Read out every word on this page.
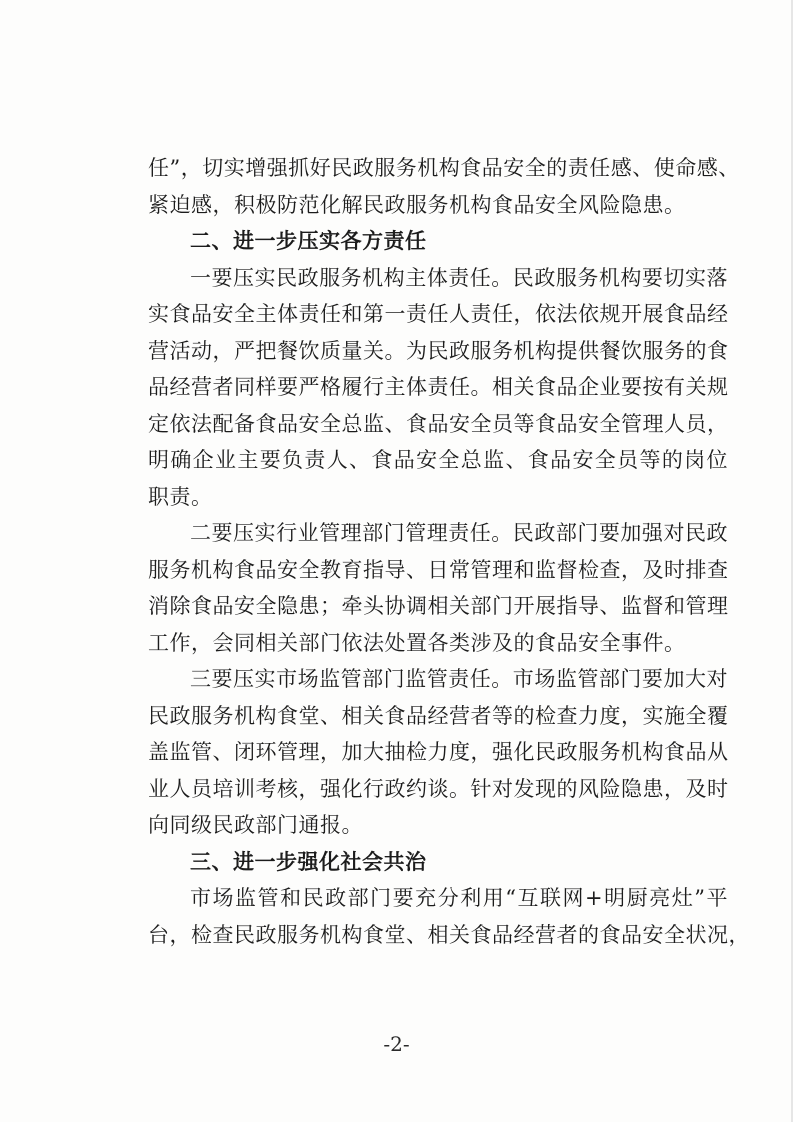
任”，切实增强抓好民政服务机构食品安全的责任感、使命感、
紧迫感，积极防范化解民政服务机构食品安全风险隐患。
二、进一步压实各方责任
一要压实民政服务机构主体责任。民政服务机构要切实落
实食品安全主体责任和第一责任人责任，依法依规开展食品经
营活动，严把餐饮质量关。为民政服务机构提供餐饮服务的食
品经营者同样要严格履行主体责任。相关食品企业要按有关规
定依法配备食品安全总监、食品安全员等食品安全管理人员，
明确企业主要负责人、食品安全总监、食品安全员等的岗位
职责。
二要压实行业管理部门管理责任。民政部门要加强对民政
服务机构食品安全教育指导、日常管理和监督检查，及时排查
消除食品安全隐患；牵头协调相关部门开展指导、监督和管理
工作，会同相关部门依法处置各类涉及的食品安全事件。
三要压实市场监管部门监管责任。市场监管部门要加大对
民政服务机构食堂、相关食品经营者等的检查力度，实施全覆
盖监管、闭环管理，加大抽检力度，强化民政服务机构食品从
业人员培训考核，强化行政约谈。针对发现的风险隐患，及时
向同级民政部门通报。
三、进一步强化社会共治
市场监管和民政部门要充分利用“互联网+明厨亮灶”平
台，检查民政服务机构食堂、相关食品经营者的食品安全状况，
-2-
